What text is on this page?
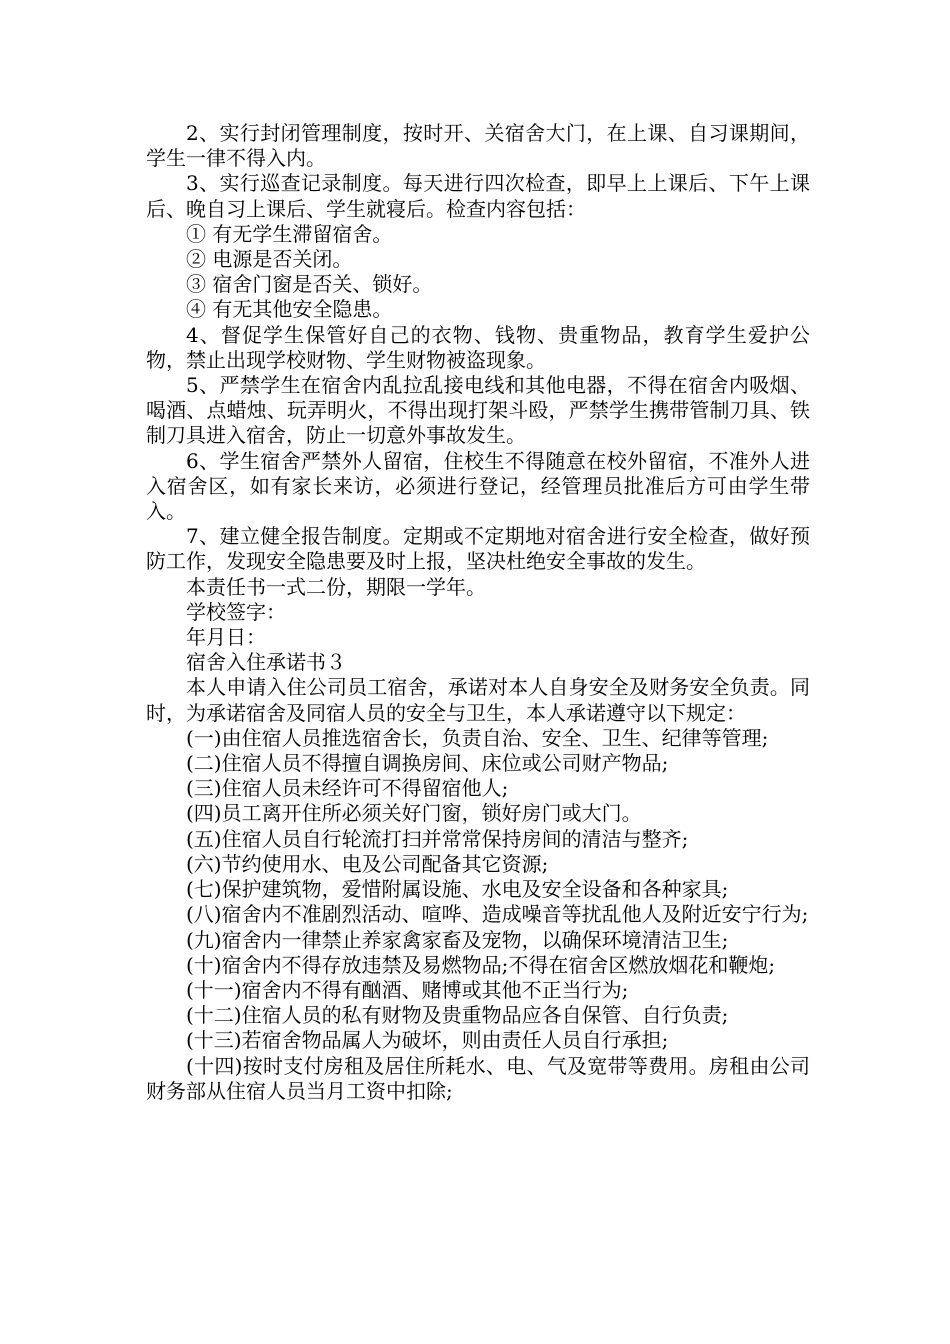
2、实行封闭管理制度，按时开、关宿舍大门，在上课、自习课期间，学生一律不得入内。

3、实行巡查记录制度。每天进行四次检查，即早上上课后、下午上课后、晚自习上课后、学生就寝后。检查内容包括：

① 有无学生滞留宿舍。

② 电源是否关闭。

③ 宿舍门窗是否关、锁好。

④ 有无其他安全隐患。

4、督促学生保管好自己的衣物、钱物、贵重物品，教育学生爱护公物，禁止出现学校财物、学生财物被盗现象。

5、严禁学生在宿舍内乱拉乱接电线和其他电器，不得在宿舍内吸烟、喝酒、点蜡烛、玩弄明火，不得出现打架斗殴，严禁学生携带管制刀具、铁制刀具进入宿舍，防止一切意外事故发生。

6、学生宿舍严禁外人留宿，住校生不得随意在校外留宿，不准外人进入宿舍区，如有家长来访，必须进行登记，经管理员批准后方可由学生带入。

7、建立健全报告制度。定期或不定期地对宿舍进行安全检查，做好预防工作，发现安全隐患要及时上报，坚决杜绝安全事故的发生。

本责任书一式二份，期限一学年。

学校签字：

年月日：

宿舍入住承诺书３

本人申请入住公司员工宿舍，承诺对本人自身安全及财务安全负责。同时，为承诺宿舍及同宿人员的安全与卫生，本人承诺遵守以下规定：

(一)由住宿人员推选宿舍长，负责自治、安全、卫生、纪律等管理;

(二)住宿人员不得擅自调换房间、床位或公司财产物品;

(三)住宿人员未经许可不得留宿他人;

(四)员工离开住所必须关好门窗，锁好房门或大门。

(五)住宿人员自行轮流打扫并常常保持房间的清洁与整齐;

(六)节约使用水、电及公司配备其它资源;

(七)保护建筑物，爱惜附属设施、水电及安全设备和各种家具;

(八)宿舍内不准剧烈活动、喧哗、造成噪音等扰乱他人及附近安宁行为;

(九)宿舍内一律禁止养家禽家畜及宠物，以确保环境清洁卫生;

(十)宿舍内不得存放违禁及易燃物品;不得在宿舍区燃放烟花和鞭炮;

(十一)宿舍内不得有酗酒、赌博或其他不正当行为;

(十二)住宿人员的私有财物及贵重物品应各自保管、自行负责;

(十三)若宿舍物品属人为破坏，则由责任人员自行承担;

(十四)按时支付房租及居住所耗水、电、气及宽带等费用。房租由公司财务部从住宿人员当月工资中扣除;
